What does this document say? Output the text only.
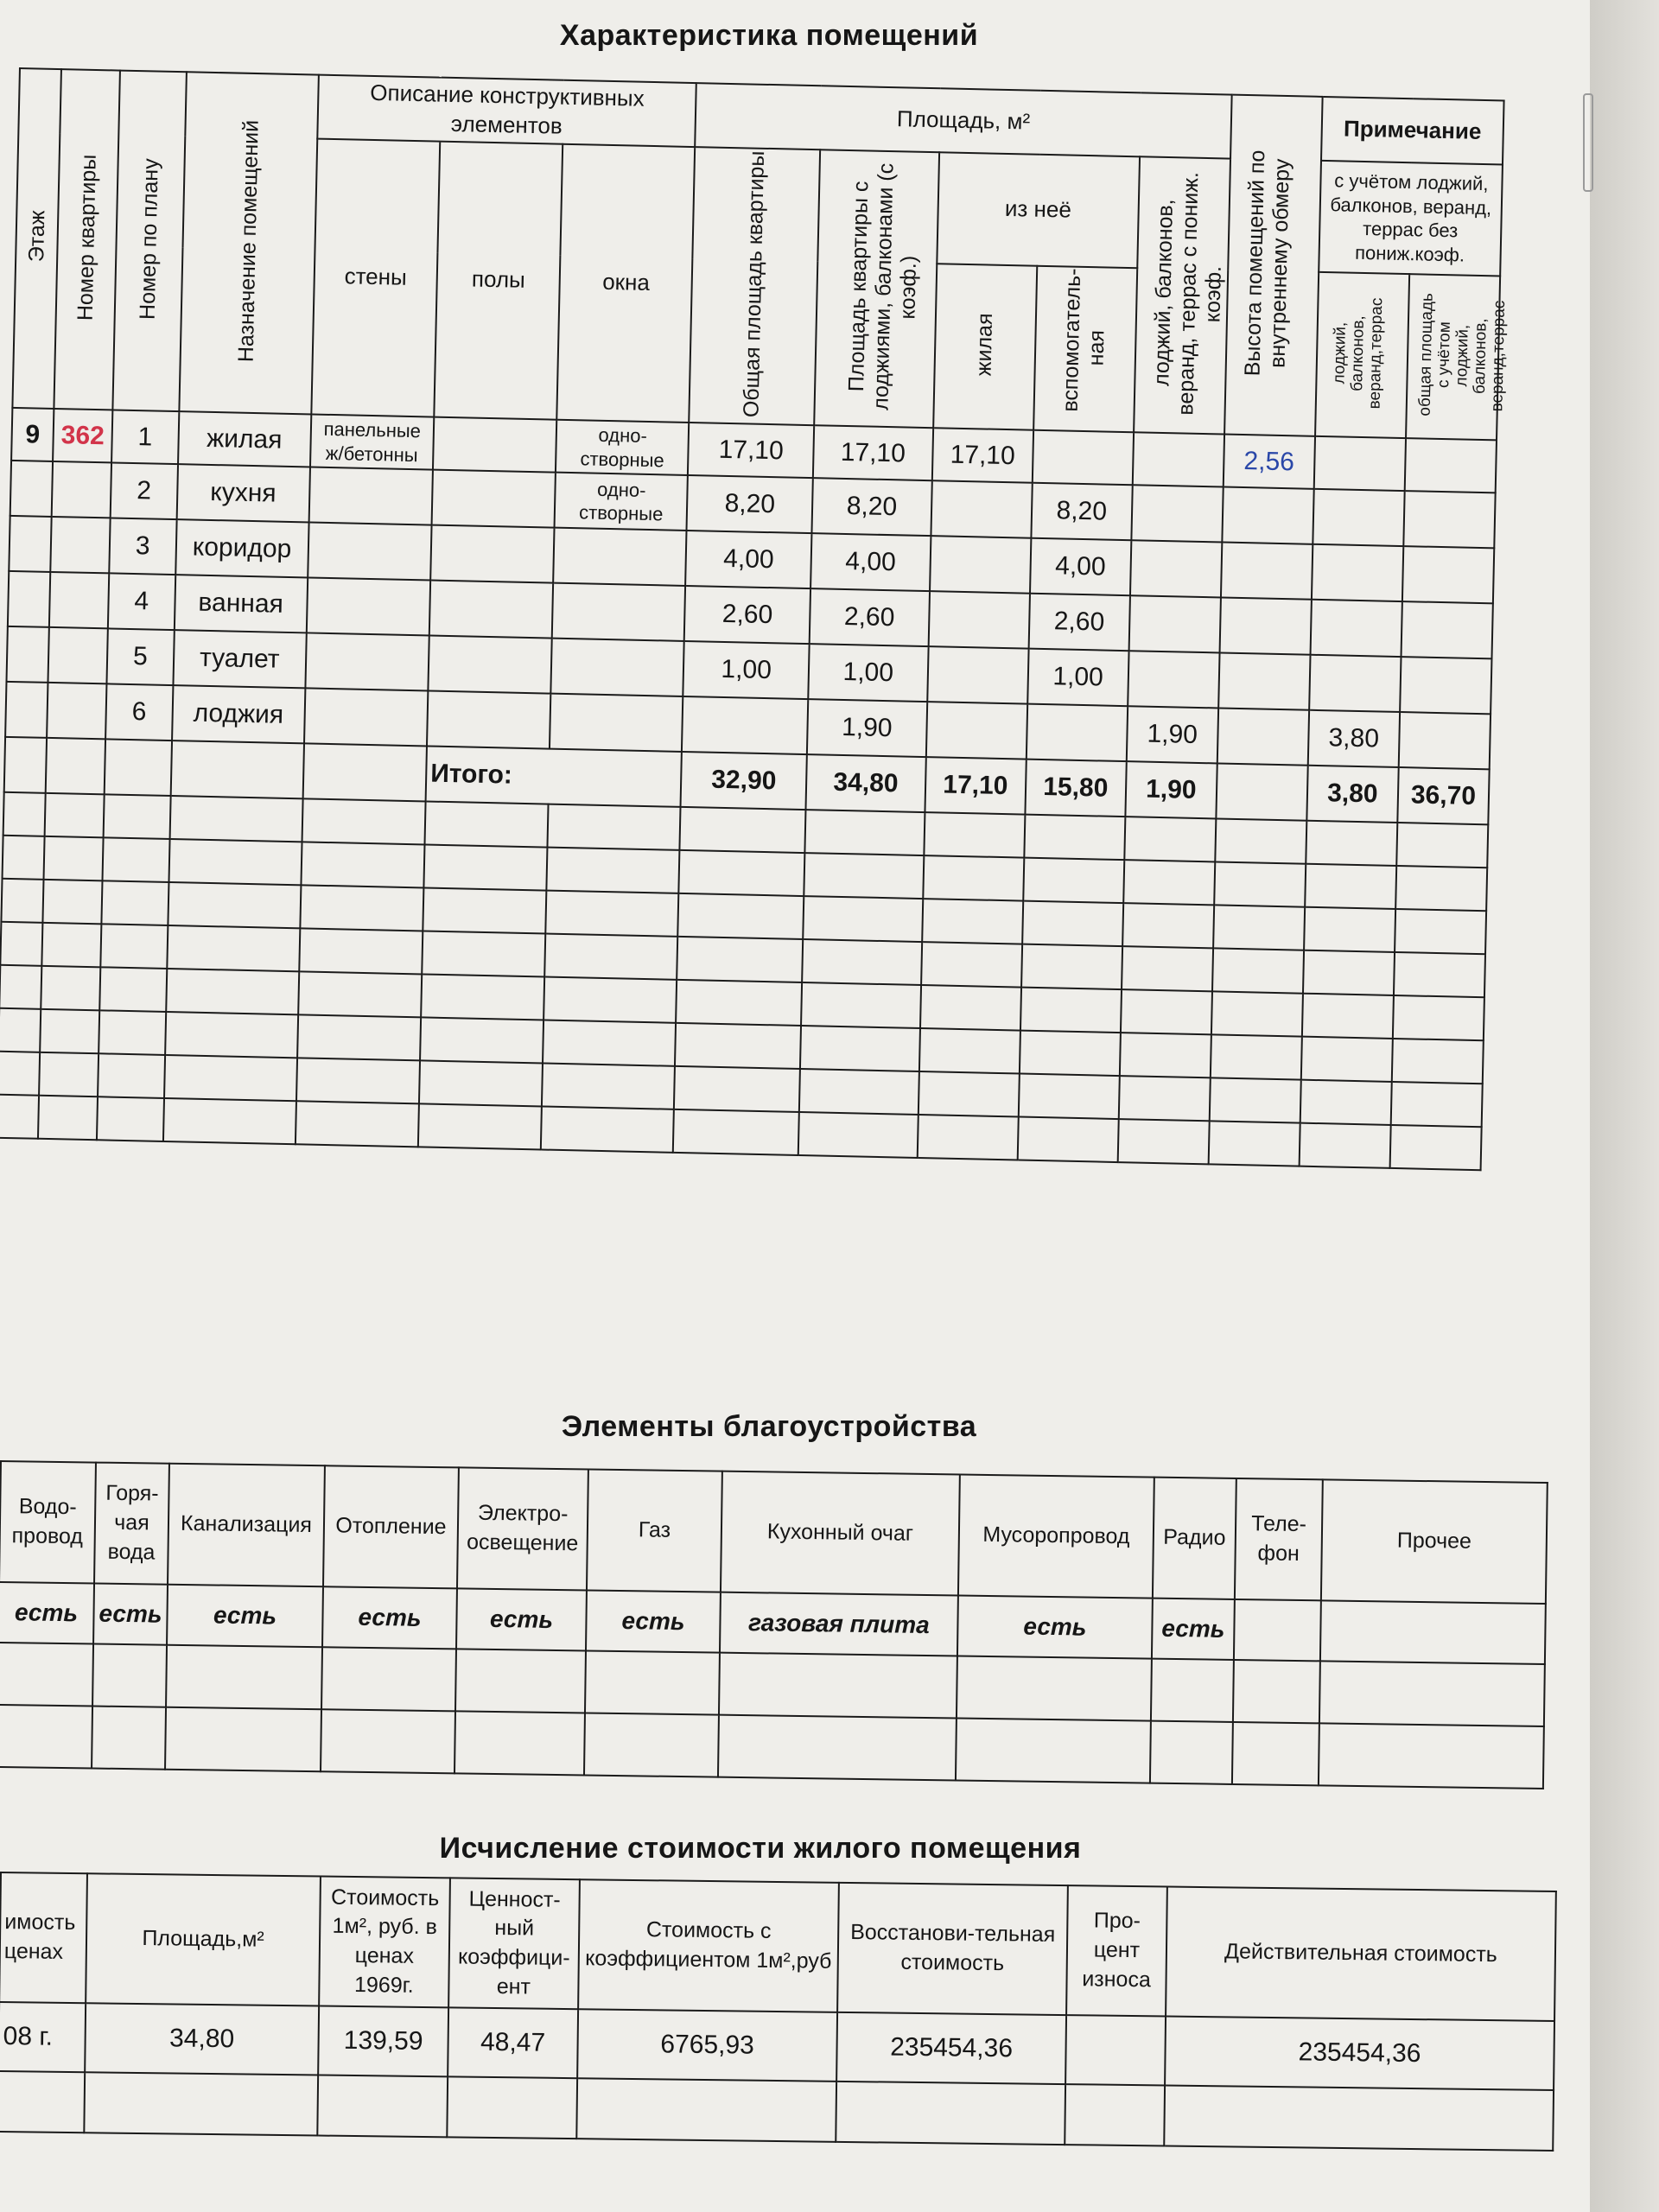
Характеристика помещений
Этаж	Номер квартиры	Номер по плану	Назначение помещений	Описание конструктивных элементов			Площадь, м²					Высота помещений по внутреннему обмеру	Примечание	
				стены	полы	окна	Общая площадь квартиры	Площадь квартиры с лоджиями, балконами (с коэф.)	из неё		лоджий, балконов, веранд, террас с пониж. коэф.		с учётом лоджий, балконов, веранд, террас без пониж.коэф.	
									жилая	вспомогатель-ная			лоджий, балконов, веранд,террас	общая площадь с учётом лоджий, балконов, веранд,террас
9	362	1	жилая	панельные ж/бетонны		одно-створные	17,10	17,10	17,10			2,56		
		2	кухня			одно-створные	8,20	8,20		8,20				
		3	коридор				4,00	4,00		4,00				
		4	ванная				2,60	2,60		2,60				
		5	туалет				1,00	1,00		1,00				
		6	лоджия					1,90			1,90		3,80	
					Итого:		32,90	34,80	17,10	15,80	1,90		3,80	36,70

Элементы благоустройства
Водо-провод	Горя-чая вода	Канализация	Отопление	Электро-освещение	Газ	Кухонный очаг	Мусоропровод	Радио	Теле-фон	Прочее
есть	есть	есть	есть	есть	есть	газовая плита	есть	есть		

Исчисление стоимости жилого помещения
имость ценах	Площадь,м²	Стоимость 1м², руб. в ценах 1969г.	Ценност-ный коэффици-ент	Стоимость с коэффициентом 1м²,руб	Восстанови-тельная стоимость	Про-цент износа	Действительная стоимость
08 г.	34,80	139,59	48,47	6765,93	235454,36		235454,36
